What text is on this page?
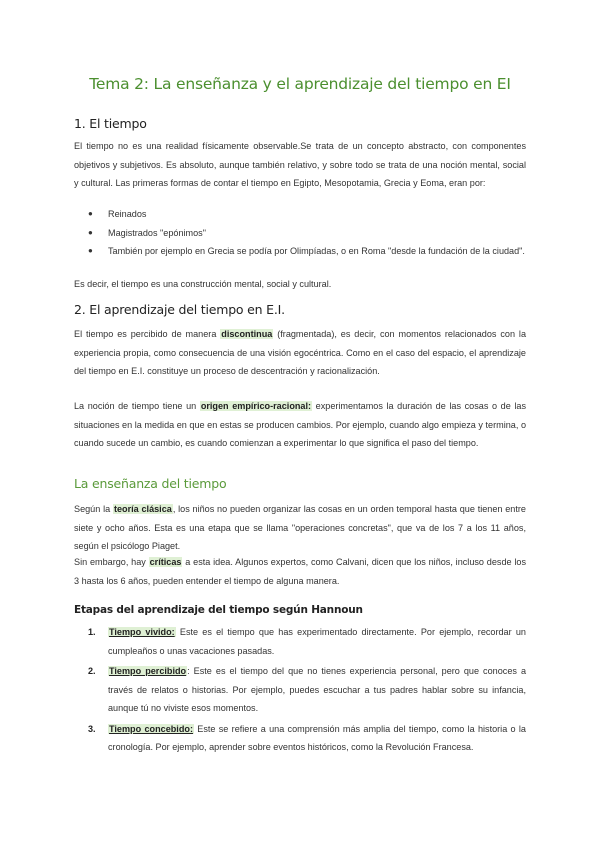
Tema 2: La enseñanza y el aprendizaje del tiempo en EI
1. El tiempo

El tiempo no es una realidad físicamente observable.Se trata de un concepto abstracto, con componentes objetivos y subjetivos. Es absoluto, aunque también relativo, y sobre todo se trata de una noción mental, social y cultural. Las primeras formas de contar el tiempo en Egipto, Mesopotamia, Grecia y Eoma, eran por:

● Reinados
● Magistrados "epónimos"
● También por ejemplo en Grecia se podía por Olimpíadas, o en Roma "desde la fundación de la ciudad".

Es decir, el tiempo es una construcción mental, social y cultural.

2. El aprendizaje del tiempo en E.I.

El tiempo es percibido de manera discontinua (fragmentada), es decir, con momentos relacionados con la experiencia propia, como consecuencia de una visión egocéntrica. Como en el caso del espacio, el aprendizaje del tiempo en E.I. constituye un proceso de descentración y racionalización.

La noción de tiempo tiene un origen empírico-racional: experimentamos la duración de las cosas o de las situaciones en la medida en que en estas se producen cambios. Por ejemplo, cuando algo empieza y termina, o cuando sucede un cambio, es cuando comienzan a experimentar lo que significa el paso del tiempo.

La enseñanza del tiempo

Según la teoría clásica, los niños no pueden organizar las cosas en un orden temporal hasta que tienen entre siete y ocho años. Esta es una etapa que se llama "operaciones concretas", que va de los 7 a los 11 años, según el psicólogo Piaget.

Sin embargo, hay críticas a esta idea. Algunos expertos, como Calvani, dicen que los niños, incluso desde los 3 hasta los 6 años, pueden entender el tiempo de alguna manera.

Etapas del aprendizaje del tiempo según Hannoun
1. Tiempo vivido: Este es el tiempo que has experimentado directamente. Por ejemplo, recordar un cumpleaños o unas vacaciones pasadas.
2. Tiempo percibido: Este es el tiempo del que no tienes experiencia personal, pero que conoces a través de relatos o historias. Por ejemplo, puedes escuchar a tus padres hablar sobre su infancia, aunque tú no viviste esos momentos.
3. Tiempo concebido: Este se refiere a una comprensión más amplia del tiempo, como la historia o la cronología. Por ejemplo, aprender sobre eventos históricos, como la Revolución Francesa.
